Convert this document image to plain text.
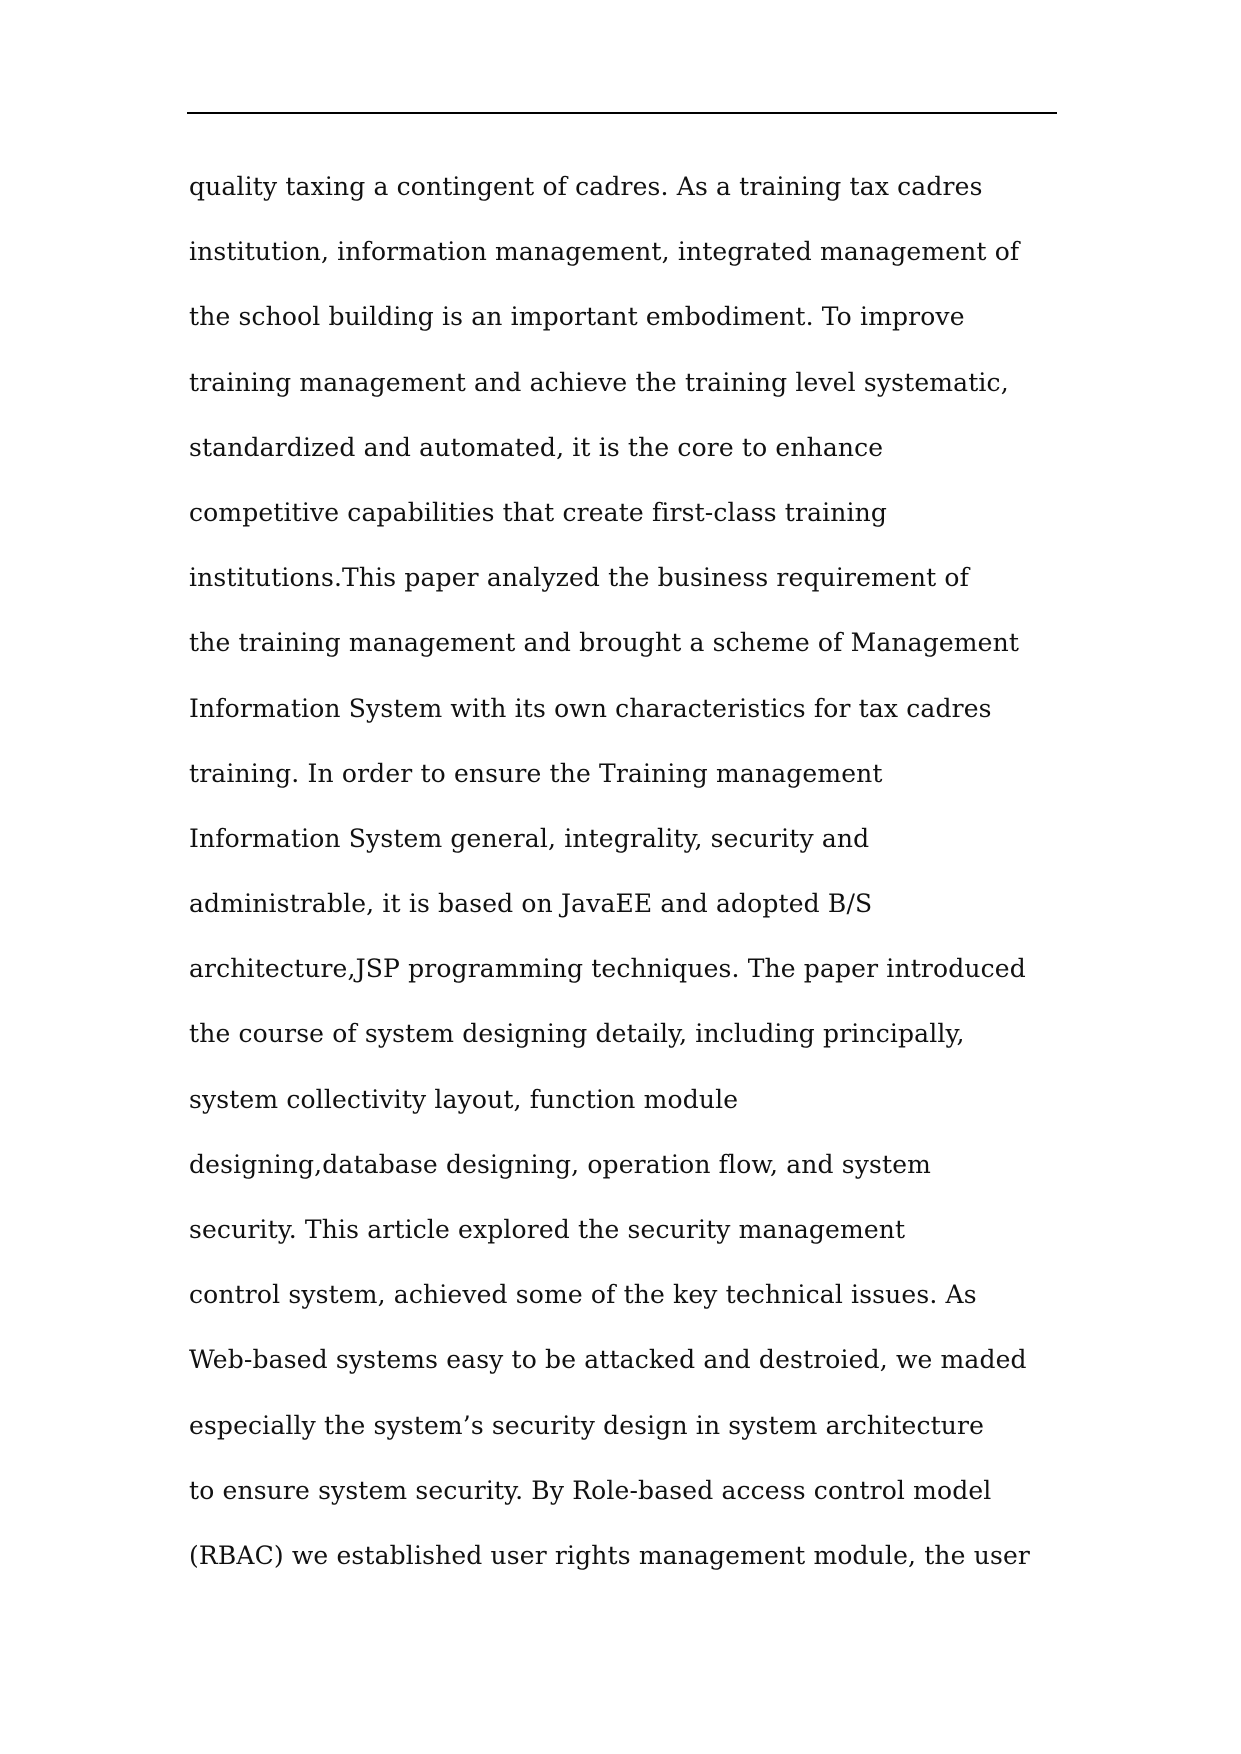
quality taxing a contingent of cadres. As a training tax cadres
institution, information management, integrated management of
the school building is an important embodiment. To improve
training management and achieve the training level systematic,
standardized and automated, it is the core to enhance
competitive capabilities that create first-class training
institutions.This paper analyzed the business requirement of
the training management and brought a scheme of Management
Information System with its own characteristics for tax cadres
training. In order to ensure the Training management
Information System general, integrality, security and
administrable, it is based on JavaEE and adopted B/S
architecture,JSP programming techniques. The paper introduced
the course of system designing detaily, including principally,
system collectivity layout, function module
designing,database designing, operation flow, and system
security. This article explored the security management
control system, achieved some of the key technical issues. As
Web-based systems easy to be attacked and destroied, we maded
especially the system’s security design in system architecture
to ensure system security. By Role-based access control model
(RBAC) we established user rights management module, the user
